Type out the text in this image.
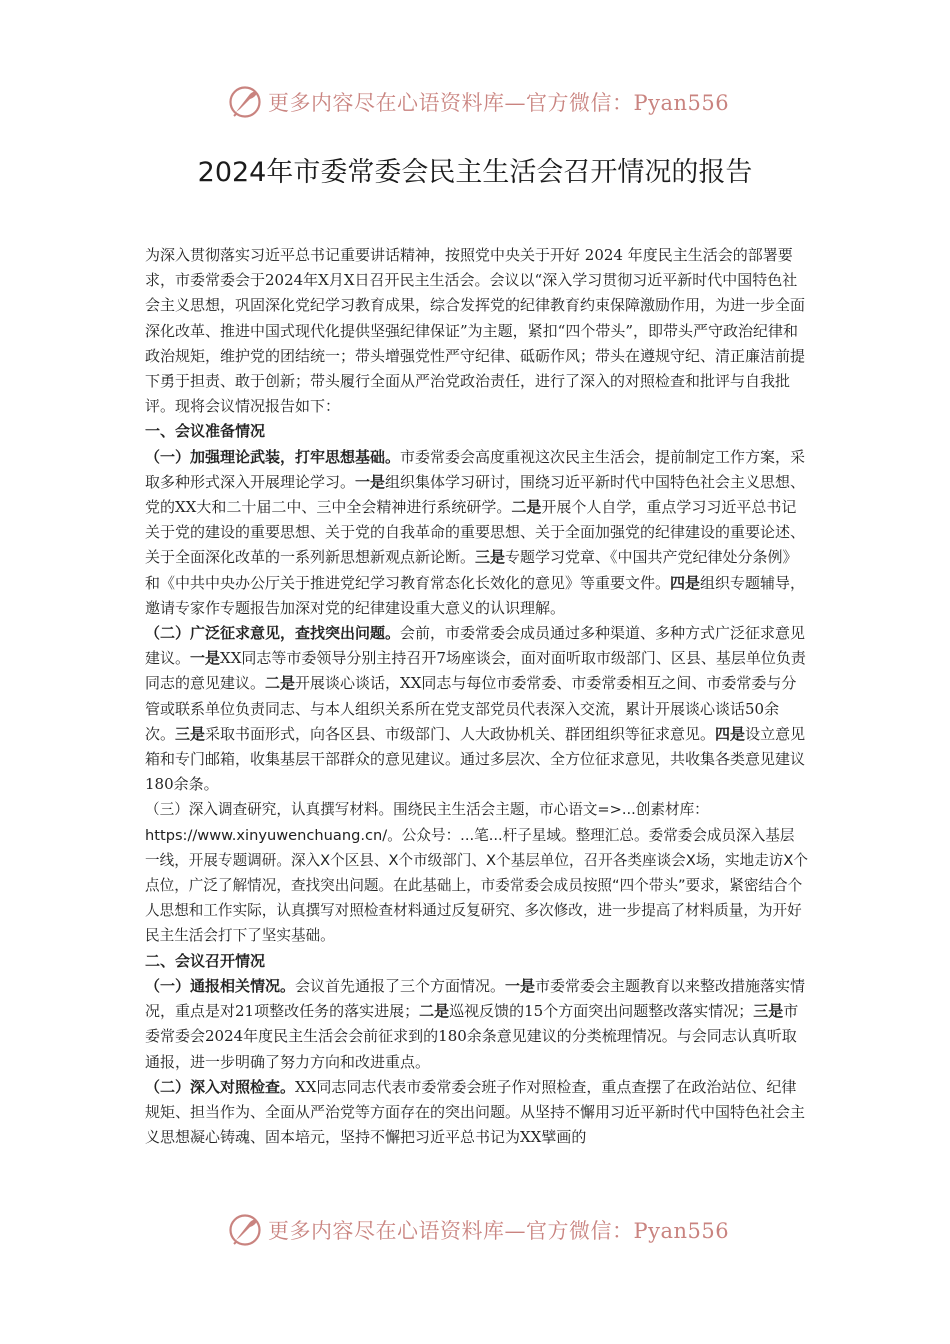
更多内容尽在心语资料库—官方微信：Pyan556
2024年市委常委会民主生活会召开情况的报告

为深入贯彻落实习近平总书记重要讲话精神，按照党中央关于开好 2024 年度民主生活会的部署要求，市委常委会于2024年X月X日召开民主生活会。会议以“深入学习贯彻习近平新时代中国特色社会主义思想，巩固深化党纪学习教育成果，综合发挥党的纪律教育约束保障激励作用，为进一步全面深化改革、推进中国式现代化提供坚强纪律保证”为主题，紧扣“四个带头”，即带头严守政治纪律和政治规矩，维护党的团结统一；带头增强党性严守纪律、砥砺作风；带头在遵规守纪、清正廉洁前提下勇于担责、敢于创新；带头履行全面从严治党政治责任，进行了深入的对照检查和批评与自我批评。现将会议情况报告如下：

一、会议准备情况

（一）加强理论武装，打牢思想基础。市委常委会高度重视这次民主生活会，提前制定工作方案，采取多种形式深入开展理论学习。一是组织集体学习研讨，围绕习近平新时代中国特色社会主义思想、党的XX大和二十届二中、三中全会精神进行系统研学。二是开展个人自学，重点学习习近平总书记关于党的建设的重要思想、关于党的自我革命的重要思想、关于全面加强党的纪律建设的重要论述、关于全面深化改革的一系列新思想新观点新论断。三是专题学习党章、《中国共产党纪律处分条例》和《中共中央办公厅关于推进党纪学习教育常态化长效化的意见》等重要文件。四是组织专题辅导，邀请专家作专题报告加深对党的纪律建设重大意义的认识理解。

（二）广泛征求意见，查找突出问题。会前，市委常委会成员通过多种渠道、多种方式广泛征求意见建议。一是XX同志等市委领导分别主持召开7场座谈会，面对面听取市级部门、区县、基层单位负责同志的意见建议。二是开展谈心谈话，XX同志与每位市委常委、市委常委相互之间、市委常委与分管或联系单位负责同志、与本人组织关系所在党支部党员代表深入交流，累计开展谈心谈话50余次。三是采取书面形式，向各区县、市级部门、人大政协机关、群团组织等征求意见。四是设立意见箱和专门邮箱，收集基层干部群众的意见建议。通过多层次、全方位征求意见，共收集各类意见建议180余条。

（三）深入调查研究，认真撰写材料。围绕民主生活会主题，市心语文=>...创素材库：https://www.xinyuwenchuang.cn/。公众号：...笔...杆子星域。整理汇总。委常委会成员深入基层一线，开展专题调研。深入X个区县、X个市级部门、X个基层单位，召开各类座谈会X场，实地走访X个点位，广泛了解情况，查找突出问题。在此基础上，市委常委会成员按照“四个带头”要求，紧密结合个人思想和工作实际，认真撰写对照检查材料通过反复研究、多次修改，进一步提高了材料质量，为开好民主生活会打下了坚实基础。

二、会议召开情况

（一）通报相关情况。会议首先通报了三个方面情况。一是市委常委会主题教育以来整改措施落实情况，重点是对21项整改任务的落实进展；二是巡视反馈的15个方面突出问题整改落实情况；三是市委常委会2024年度民主生活会会前征求到的180余条意见建议的分类梳理情况。与会同志认真听取通报，进一步明确了努力方向和改进重点。

（二）深入对照检查。XX同志同志代表市委常委会班子作对照检查，重点查摆了在政治站位、纪律规矩、担当作为、全面从严治党等方面存在的突出问题。从坚持不懈用习近平新时代中国特色社会主义思想凝心铸魂、固本培元，坚持不懈把习近平总书记为XX擘画的

更多内容尽在心语资料库—官方微信：Pyan556
